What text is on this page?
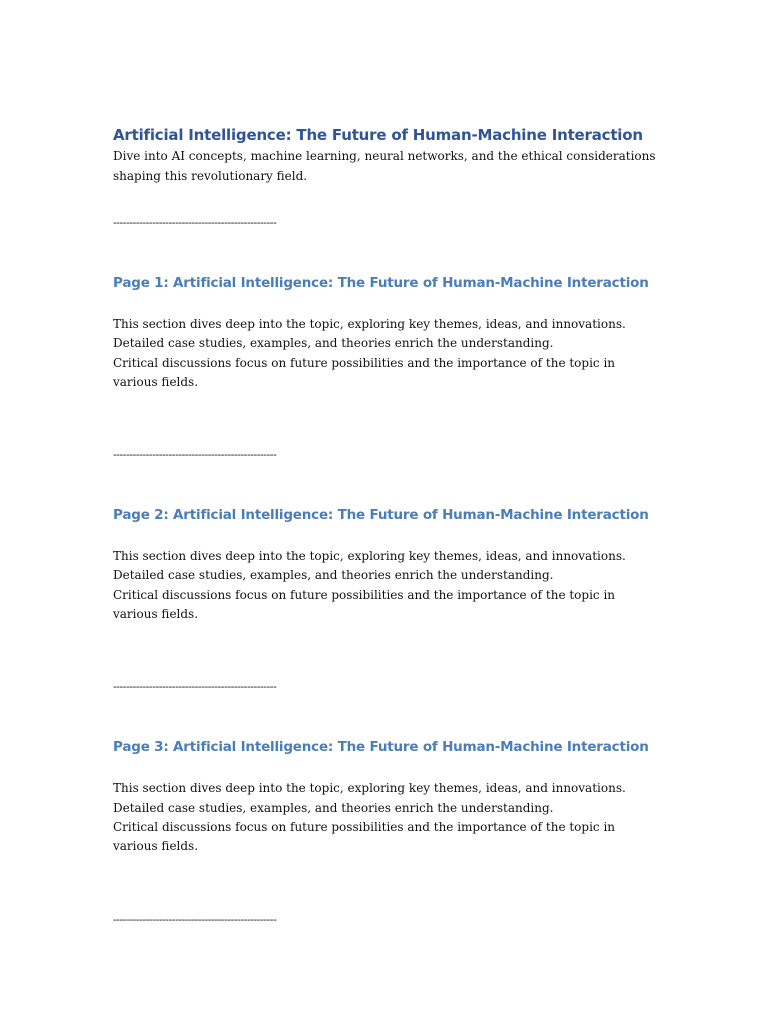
Artificial Intelligence: The Future of Human-Machine Interaction

Dive into AI concepts, machine learning, neural networks, and the ethical considerations shaping this revolutionary field.

--------------------------------------------------
Page 1: Artificial Intelligence: The Future of Human-Machine Interaction

This section dives deep into the topic, exploring key themes, ideas, and innovations.

Detailed case studies, examples, and theories enrich the understanding.

Critical discussions focus on future possibilities and the importance of the topic in various fields.

--------------------------------------------------
Page 2: Artificial Intelligence: The Future of Human-Machine Interaction

This section dives deep into the topic, exploring key themes, ideas, and innovations.

Detailed case studies, examples, and theories enrich the understanding.

Critical discussions focus on future possibilities and the importance of the topic in various fields.

--------------------------------------------------
Page 3: Artificial Intelligence: The Future of Human-Machine Interaction

This section dives deep into the topic, exploring key themes, ideas, and innovations.

Detailed case studies, examples, and theories enrich the understanding.

Critical discussions focus on future possibilities and the importance of the topic in various fields.

--------------------------------------------------
